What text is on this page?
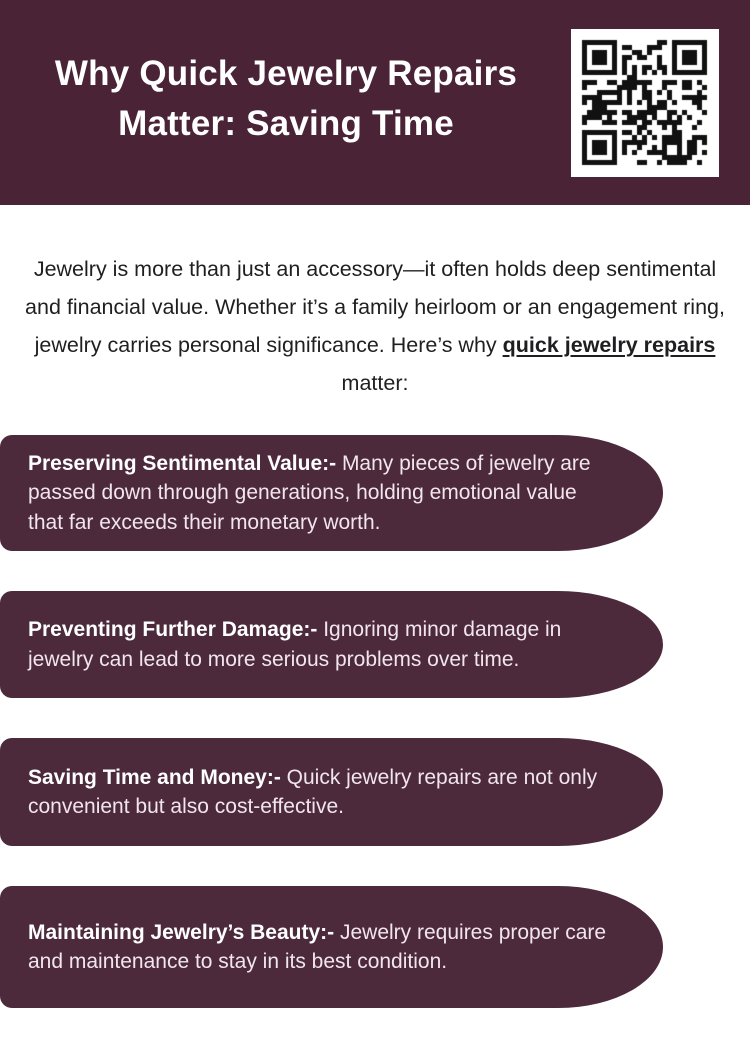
Why Quick Jewelry Repairs
Matter: Saving Time

Jewelry is more than just an accessory—it often holds deep sentimental and financial value. Whether it’s a family heirloom or an engagement ring, jewelry carries personal significance. Here’s why quick jewelry repairs matter:

Preserving Sentimental Value:- Many pieces of jewelry are passed down through generations, holding emotional value that far exceeds their monetary worth.

Preventing Further Damage:- Ignoring minor damage in jewelry can lead to more serious problems over time.

Saving Time and Money:- Quick jewelry repairs are not only convenient but also cost-effective.

Maintaining Jewelry’s Beauty:- Jewelry requires proper care and maintenance to stay in its best condition.
